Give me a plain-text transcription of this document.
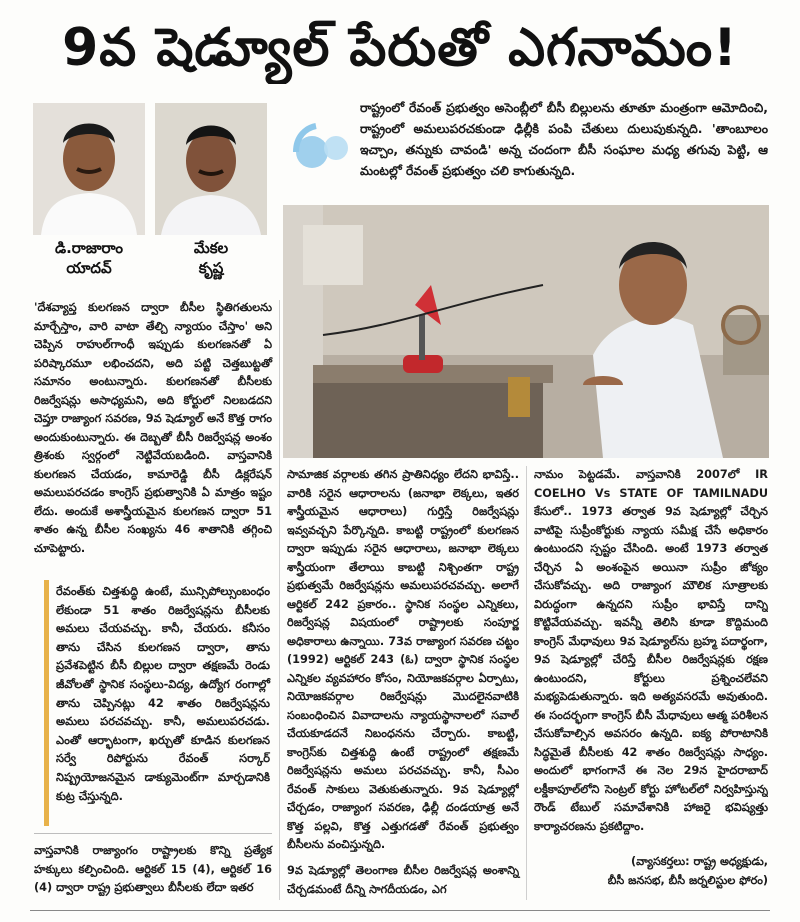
9వ షెడ్యూల్ పేరుతో ఎగనామం!
డి.రాజారాం
యాదవ్
మేకల
కృష్ణ
రాష్ట్రంలో రేవంత్ ప్రభుత్వం అసెంబ్లీలో బీసీ బిల్లులను తూతూ మంత్రంగా ఆమోదించి, రాష్ట్రంలో అమలుపరచకుండా ఢిల్లీకి పంపి చేతులు దులుపుకున్నది. 'తాంబూలం ఇచ్చాం, తన్నుకు చావండి' అన్న చందంగా బీసీ సంఘాల మధ్య తగువు పెట్టి, ఆ మంటల్లో రేవంత్ ప్రభుత్వం చలి కాగుతున్నది.

'దేశవ్యాప్త కులగణన ద్వారా బీసీల స్థితిగతులను మార్చేస్తాం, వారి వాటా తేల్చి న్యాయం చేస్తాం' అని చెప్పిన రాహుల్‌గాంధీ ఇప్పుడు కులగణనతో ఏ పరిష్కారమూ లభించదని, అది పట్టి చెత్తబుట్టతో సమానం అంటున్నారు. కులగణనతో బీసీలకు రిజర్వేషన్లు అసాధ్యమని, అది కోర్టులో నిలబడదని చెప్తూ రాజ్యాంగ సవరణ, 9వ షెడ్యూల్ అనే కొత్త రాగం అందుకుంటున్నారు. ఈ దెబ్బతో బీసీ రిజర్వేషన్ల అంశం త్రిశంకు స్వర్గంలో నెట్టివేయబడింది. వాస్తవానికి కులగణన చేయడం, కామారెడ్డి బీసీ డిక్లరేషన్ అమలుపరచడం కాంగ్రెస్ ప్రభుత్వానికి ఏ మాత్రం ఇష్టం లేదు. అందుకే అశాస్త్రీయమైన కులగణన ద్వారా 51 శాతం ఉన్న బీసీల సంఖ్యను 46 శాతానికి తగ్గించి చూపెట్టారు.

రేవంత్‌కు చిత్తశుద్ధి ఉంటే, మున్సిపోల్సుంబంధం లేకుండా 51 శాతం రిజర్వేషన్లను బీసీలకు అమలు చేయవచ్చు. కానీ, చేయరు. కనీసం తాను చేసిన కులగణన ద్వారా, తాను ప్రవేశపెట్టిన బీసీ బిల్లుల ద్వారా తక్షణమే రెండు జీవోలతో స్థానిక సంస్థలు-విద్య, ఉద్యోగ రంగాల్లో తాను చెప్పినట్లు 42 శాతం రిజర్వేషన్లను అమలు పరచవచ్చు. కానీ, అమలుపరచడు. ఎంతో ఆర్భాటంగా, ఖర్చుతో కూడిన కులగణన సర్వే రిపోర్టును రేవంత్ సర్కార్ నిష్ప్రయోజనమైన డాక్యుమెంట్‌గా మార్చడానికి కుట్ర చేస్తున్నది.
వాస్తవానికి రాజ్యాంగం రాష్ట్రాలకు కొన్ని ప్రత్యేక హక్కులు కల్పించింది. ఆర్టికల్ 15 (4), ఆర్టికల్ 16 (4) ద్వారా రాష్ట్ర ప్రభుత్వాలు బీసీలకు లేదా ఇతర
సామాజిక వర్గాలకు తగిన ప్రాతినిధ్యం లేదని భావిస్తే.. వారికి సరైన ఆధారాలను (జనాభా లెక్కలు, ఇతర శాస్త్రీయమైన ఆధారాలు) గుర్తిస్తే రిజర్వేషన్లు ఇవ్వవచ్చని పేర్కొన్నది. కాబట్టి రాష్ట్రంలో కులగణన ద్వారా ఇప్పుడు సరైన ఆధారాలు, జనాభా లెక్కలు శాస్త్రీయంగా తేలాయి కాబట్టి నిశ్చింతగా రాష్ట్ర ప్రభుత్వమే రిజర్వేషన్లను అమలుపరచవచ్చు. అలాగే ఆర్టికల్ 242 ప్రకారం.. స్థానిక సంస్థల ఎన్నికలు, రిజర్వేషన్ల విషయంలో రాష్ట్రాలకు సంపూర్ణ అధికారాలు ఉన్నాయి. 73వ రాజ్యాంగ సవరణ చట్టం (1992) ఆర్టికల్ 243 (ఓ) ద్వారా స్థానిక సంస్థల ఎన్నికల వ్యవహారం కోసం, నియోజకవర్గాల ఏర్పాటు, నియోజకవర్గాల రిజర్వేషన్లు మొదలైనవాటికి సంబంధించిన వివాదాలను న్యాయస్థానాలలో సవాల్ చేయకూడదనే నిబంధనను చేర్చారు. కాబట్టి, కాంగ్రెస్‌కు చిత్తశుద్ధి ఉంటే రాష్ట్రంలో తక్షణమే రిజర్వేషన్లను అమలు పరచవచ్చు. కానీ, సీఎం రేవంత్ సాకులు వెతుకుతున్నారు. 9వ షెడ్యూల్లో చేర్చడం, రాజ్యాంగ సవరణ, ఢిల్లీ దండయాత్ర అనే కొత్త పల్లవి, కొత్త ఎత్తుగడతో రేవంత్ ప్రభుత్వం బీసీలను వంచిస్తున్నది.
9వ షెడ్యూల్లో తెలంగాణ బీసీల రిజర్వేషన్ల అంశాన్ని చేర్చడమంటే దీన్ని సాగదీయడం, ఎగ
నామం పెట్టడమే. వాస్తవానికి 2007లో IR COELHO Vs STATE OF TAMILNADU కేసులో.. 1973 తర్వాత 9వ షెడ్యూల్లో చేర్చిన వాటిపై సుప్రీంకోర్టుకు న్యాయ సమీక్ష చేసే అధికారం ఉంటుందని స్పష్టం చేసింది. అంటే 1973 తర్వాత చేర్చిన ఏ అంశంపైన అయినా సుప్రీం జోక్యం చేసుకోవచ్చు. అది రాజ్యాంగ మౌలిక సూత్రాలకు విరుద్ధంగా ఉన్నదని సుప్రీం భావిస్తే దాన్ని కొట్టివేయవచ్చు. ఇవన్నీ తెలిసి కూడా కొద్దిమంది కాంగ్రెస్ మేధావులు 9వ షెడ్యూల్‌ను బ్రహ్మ పదార్థంగా, 9వ షెడ్యూల్లో చేరిస్తే బీసీల రిజర్వేషన్లకు రక్షణ ఉంటుందని, కోర్టులు ప్రశ్నించలేవని మభ్యపెడుతున్నారు. ఇది అత్యవసరమే అవుతుంది. ఈ సందర్భంగా కాంగ్రెస్ బీసీ మేధావులు ఆత్మ పరిశీలన చేసుకోవాల్సిన అవసరం ఉన్నది. ఐక్య పోరాటానికి సిద్ధమైతే బీసీలకు 42 శాతం రిజర్వేషన్లు సాధ్యం. అందులో భాగంగానే ఈ నెల 29న హైదరాబాద్ లక్డీకాపూల్‌లోని సెంట్రల్ కోర్టు హోటల్‌లో నిర్వహిస్తున్న రౌండ్ టేబుల్ సమావేశానికి హాజరై భవిష్యత్తు కార్యాచరణను ప్రకటిద్దాం.
(వ్యాసకర్తలు: రాష్ట్ర అధ్యక్షుడు,
బీసీ జనసభ, బీసీ జర్నలిస్టుల ఫోరం)
